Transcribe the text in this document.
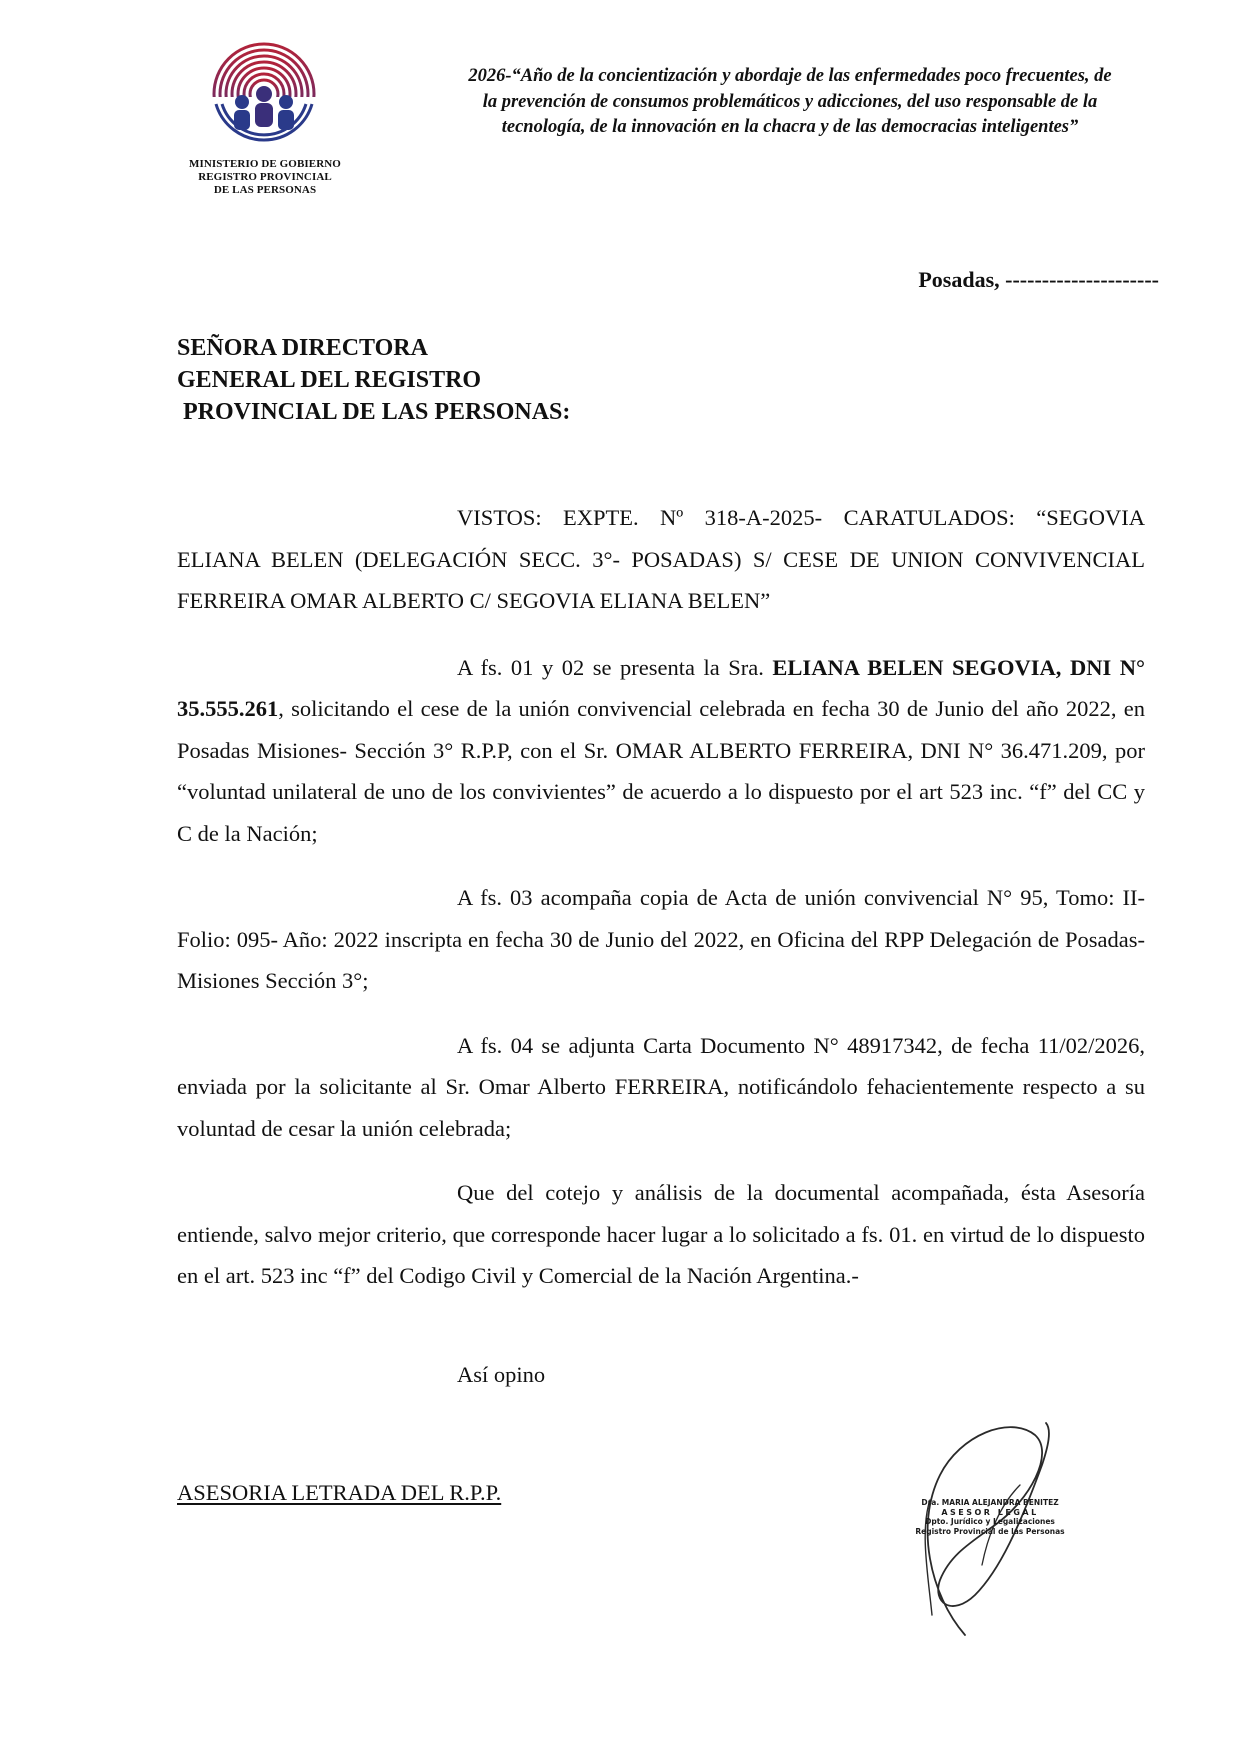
MINISTERIO DE GOBIERNO
REGISTRO PROVINCIAL
DE LAS PERSONAS
2026-“Año de la concientización y abordaje de las enfermedades poco frecuentes, de
la prevención de consumos problemáticos y adicciones, del uso responsable de la
tecnología, de la innovación en la chacra y de las democracias inteligentes”
Posadas, ---------------------
SEÑORA DIRECTORA
GENERAL DEL REGISTRO
PROVINCIAL DE LAS PERSONAS:

VISTOS: EXPTE. Nº 318-A-2025- CARATULADOS: “SEGOVIA ELIANA BELEN (DELEGACIÓN SECC. 3°- POSADAS) S/ CESE DE UNION CONVIVENCIAL FERREIRA OMAR ALBERTO C/ SEGOVIA ELIANA BELEN”

A fs. 01 y 02 se presenta la Sra. ELIANA BELEN SEGOVIA, DNI N° 35.555.261, solicitando el cese de la unión convivencial celebrada en fecha 30 de Junio del año 2022, en Posadas Misiones- Sección 3° R.P.P, con el Sr. OMAR ALBERTO FERREIRA, DNI N° 36.471.209, por “voluntad unilateral de uno de los convivientes” de acuerdo a lo dispuesto por el art 523 inc. “f” del CC y C de la Nación;

A fs. 03 acompaña copia de Acta de unión convivencial N° 95, Tomo: II- Folio: 095- Año: 2022 inscripta en fecha 30 de Junio del 2022, en Oficina del RPP Delegación de Posadas-Misiones Sección 3°;

A fs. 04 se adjunta Carta Documento N° 48917342, de fecha 11/02/2026, enviada por la solicitante al Sr. Omar Alberto FERREIRA, notificándolo fehacientemente respecto a su voluntad de cesar la unión celebrada;

Que del cotejo y análisis de la documental acompañada, ésta Asesoría entiende, salvo mejor criterio, que corresponde hacer lugar a lo solicitado a fs. 01. en virtud de lo dispuesto en el art. 523 inc “f” del Codigo Civil y Comercial de la Nación Argentina.-

Así opino
ASESORIA LETRADA DEL R.P.P.	Dra. MARIA ALEJANDRA BENITEZ
ASESOR LEGAL
Dpto. Jurídico y Legalizaciones
Registro Provincial de las Personas
